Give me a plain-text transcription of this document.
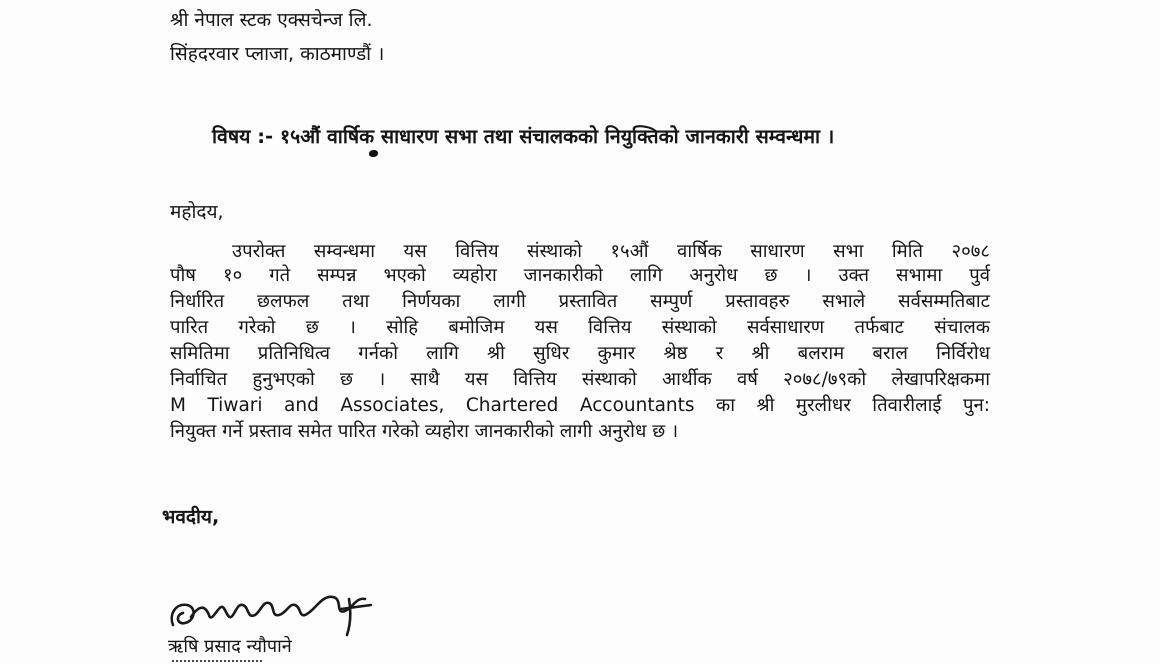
श्री नेपाल स्टक एक्सचेन्ज लि.
सिंहदरवार प्लाजा, काठमाण्डौं ।
विषय :- १५औं वार्षिक साधारण सभा तथा संचालकको नियुक्तिको जानकारी सम्वन्धमा ।
महोदय,
उपरोक्त सम्वन्धमा यस वित्तिय संस्थाको १५औं वार्षिक साधारण सभा मिति २०७८
पौष १० गते सम्पन्न भएको व्यहोरा जानकारीको लागि अनुरोध छ । उक्त सभामा पुर्व
निर्धारित छलफल तथा निर्णयका लागी प्रस्तावित सम्पुर्ण प्रस्तावहरु सभाले सर्वसम्मतिबाट
पारित गरेको छ । सोहि बमोजिम यस वित्तिय संस्थाको सर्वसाधारण तर्फबाट संचालक
समितिमा प्रतिनिधित्व गर्नको लागि श्री सुधिर कुमार श्रेष्ठ र श्री बलराम बराल निर्विरोध
निर्वाचित हुनुभएको छ । साथै यस वित्तिय संस्थाको आर्थीक वर्ष २०७८/७९को लेखापरिक्षकमा
M Tiwari and Associates, Chartered Accountants का श्री मुरलीधर तिवारीलाई पुन:
नियुक्त गर्ने प्रस्ताव समेत पारित गरेको व्यहोरा जानकारीको लागी अनुरोध छ ।
भवदीय,
ऋषि प्रसाद न्यौपाने
